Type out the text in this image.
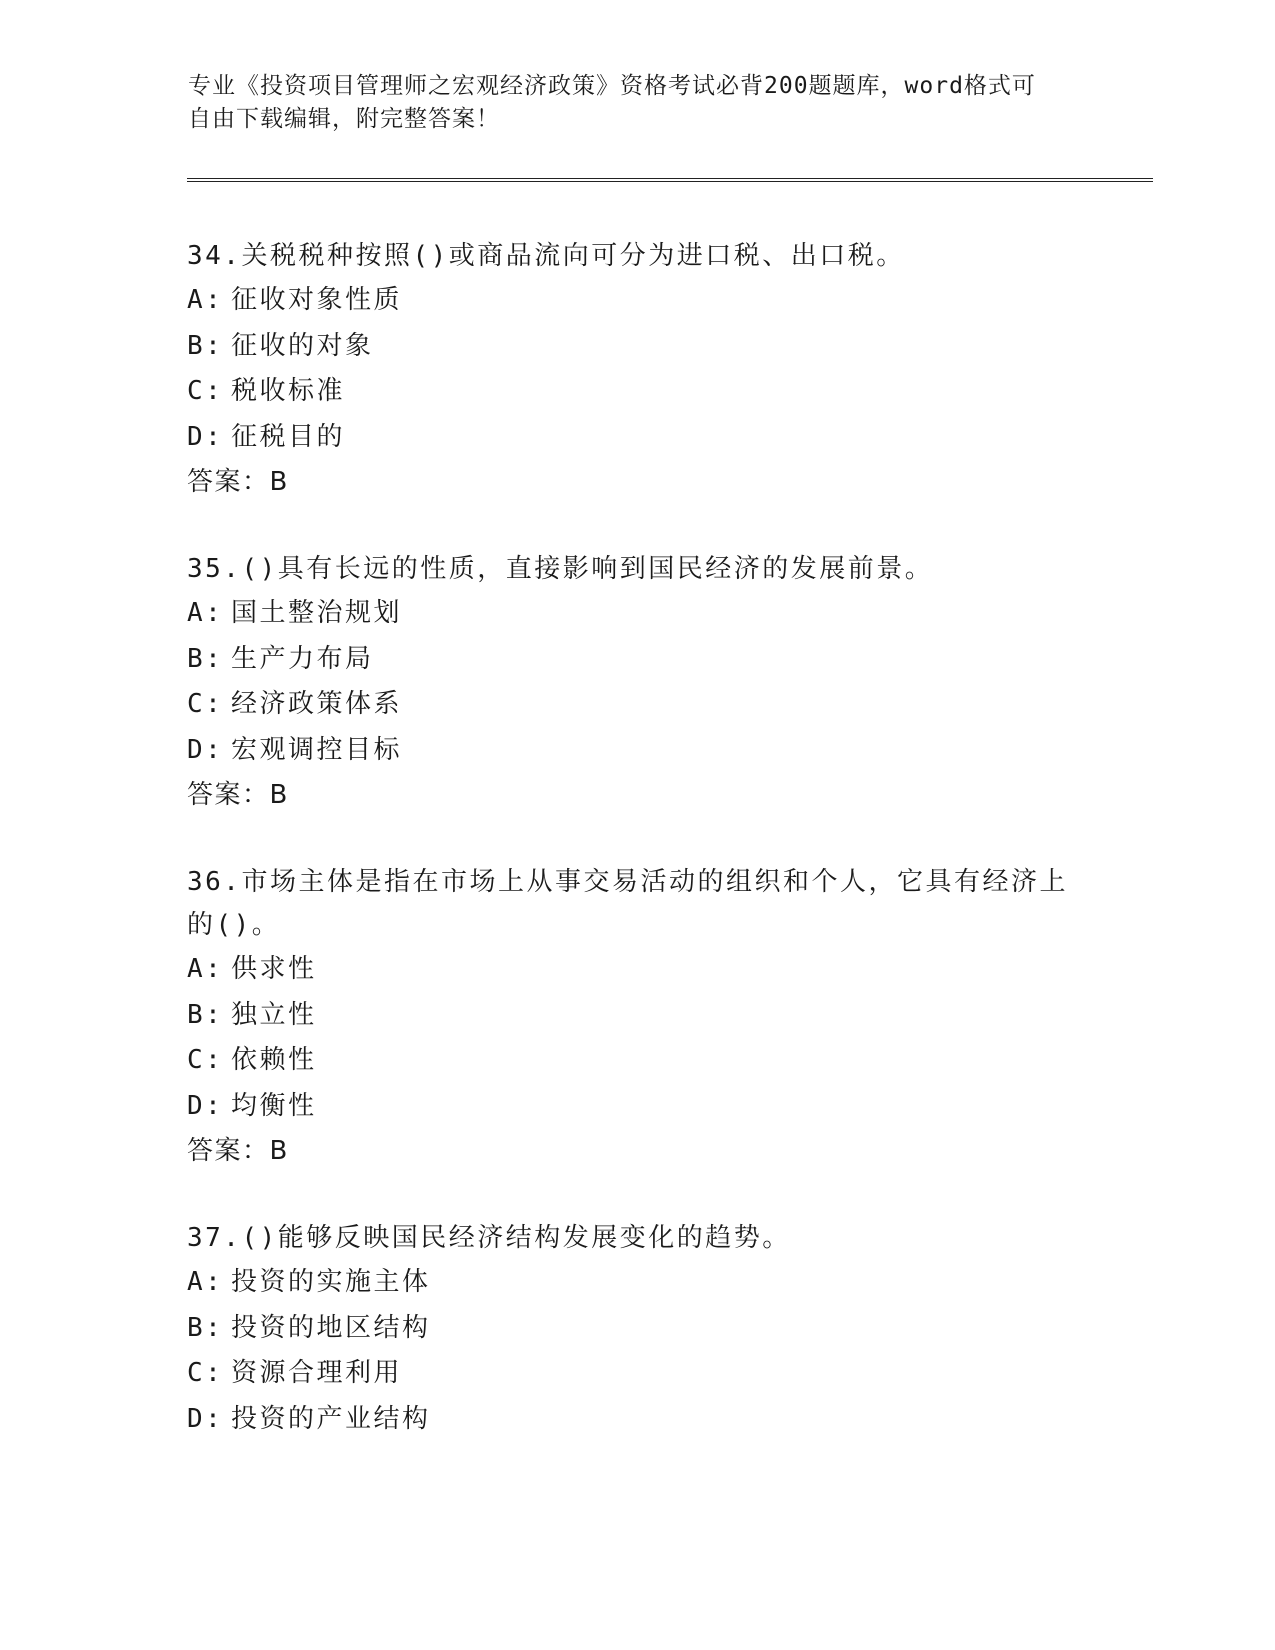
专业《投资项目管理师之宏观经济政策》资格考试必背200题题库，word格式可
自由下载编辑，附完整答案！

34.关税税种按照()或商品流向可分为进口税、出口税。

A: 征收对象性质

B: 征收的对象

C: 税收标准

D: 征税目的

答案：B

35.()具有长远的性质，直接影响到国民经济的发展前景。

A: 国土整治规划

B: 生产力布局

C: 经济政策体系

D: 宏观调控目标

答案：B

36.市场主体是指在市场上从事交易活动的组织和个人，它具有经济上

的()。

A: 供求性

B: 独立性

C: 依赖性

D: 均衡性

答案：B

37.()能够反映国民经济结构发展变化的趋势。

A: 投资的实施主体

B: 投资的地区结构

C: 资源合理利用

D: 投资的产业结构
